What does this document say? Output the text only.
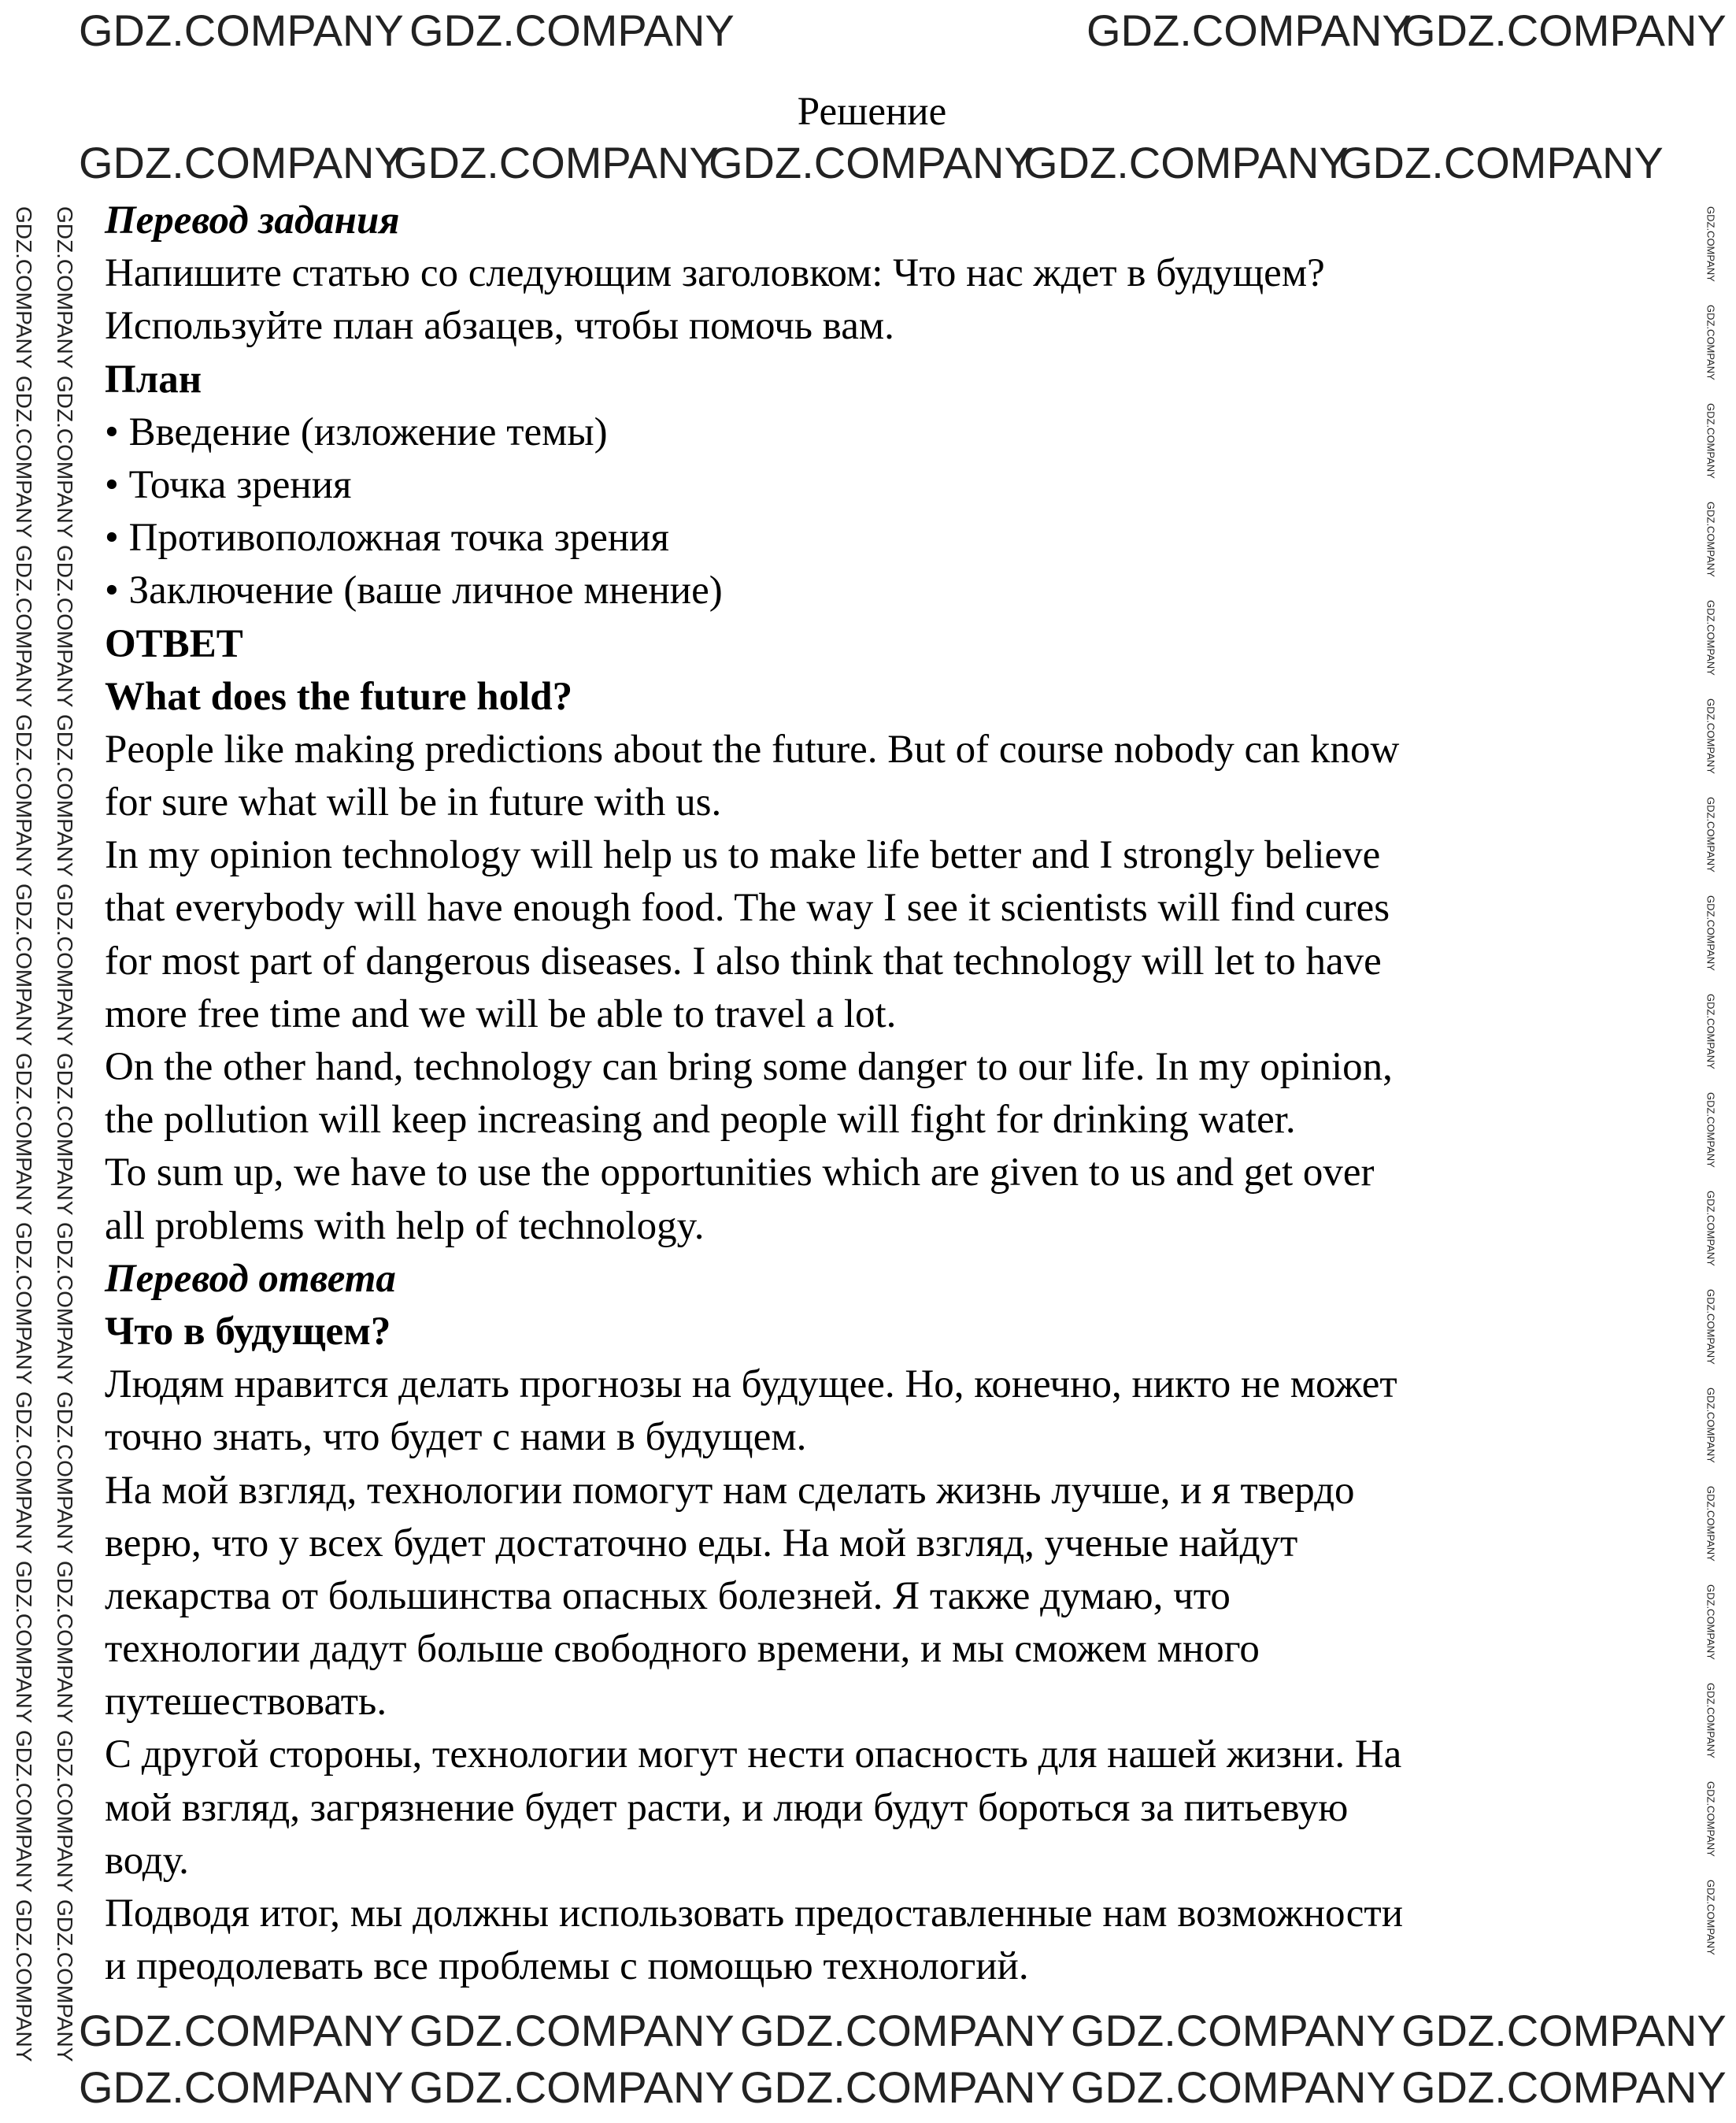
Решение
Перевод задания
Напишите статью со следующим заголовком: Что нас ждет в будущем?
Используйте план абзацев, чтобы помочь вам.
План
• Введение (изложение темы)
• Точка зрения
• Противоположная точка зрения
• Заключение (ваше личное мнение)
ОТВЕТ
What does the future hold?
People like making predictions about the future. But of course nobody can know
for sure what will be in future with us.
In my opinion technology will help us to make life better and I strongly believe
that everybody will have enough food. The way I see it scientists will find cures
for most part of dangerous diseases. I also think that technology will let to have
more free time and we will be able to travel a lot.
On the other hand, technology can bring some danger to our life. In my opinion,
the pollution will keep increasing and people will fight for drinking water.
To sum up, we have to use the opportunities which are given to us and get over
all problems with help of technology.
Перевод ответа
Что в будущем?
Людям нравится делать прогнозы на будущее. Но, конечно, никто не может
точно знать, что будет с нами в будущем.
На мой взгляд, технологии помогут нам сделать жизнь лучше, и я твердо
верю, что у всех будет достаточно еды. На мой взгляд, ученые найдут
лекарства от большинства опасных болезней. Я также думаю, что
технологии дадут больше свободного времени, и мы сможем много
путешествовать.
С другой стороны, технологии могут нести опасность для нашей жизни. На
мой взгляд, загрязнение будет расти, и люди будут бороться за питьевую
воду.
Подводя итог, мы должны использовать предоставленные нам возможности
и преодолевать все проблемы с помощью технологий.
GDZ.COMPANY GDZ.COMPANY	GDZ.COMPANY
GDZ.COMPANY
GDZ.COMPANY
GDZ.COMPANY
GDZ.COMPANY
GDZ.COMPANY
GDZ.COMPANY
GDZ.COMPANY GDZ.COMPANY GDZ.COMPANY GDZ.COMPANY GDZ.COMPANY
GDZ.COMPANY GDZ.COMPANY GDZ.COMPANY GDZ.COMPANY GDZ.COMPANY
GDZ.COMPANY GDZ.COMPANY
GDZ.COMPANY GDZ.COMPANY
GDZ.COMPANY GDZ.COMPANY
GDZ.COMPANY GDZ.COMPANY
GDZ.COMPANY GDZ.COMPANY
GDZ.COMPANY GDZ.COMPANY
GDZ.COMPANY GDZ.COMPANY
GDZ.COMPANY GDZ.COMPANY
GDZ.COMPANY GDZ.COMPANY
GDZ.COMPANY GDZ.COMPANY
GDZ.COMPANY GDZ.COMPANY
GDZ.COMPANY
GDZ.COMPANY
GDZ.COMPANY
GDZ.COMPANY
GDZ.COMPANY
GDZ.COMPANY
GDZ.COMPANY
GDZ.COMPANY
GDZ.COMPANY
GDZ.COMPANY
GDZ.COMPANY
GDZ.COMPANY
GDZ.COMPANY
GDZ.COMPANY
GDZ.COMPANY
GDZ.COMPANY
GDZ.COMPANY
GDZ.COMPANY
